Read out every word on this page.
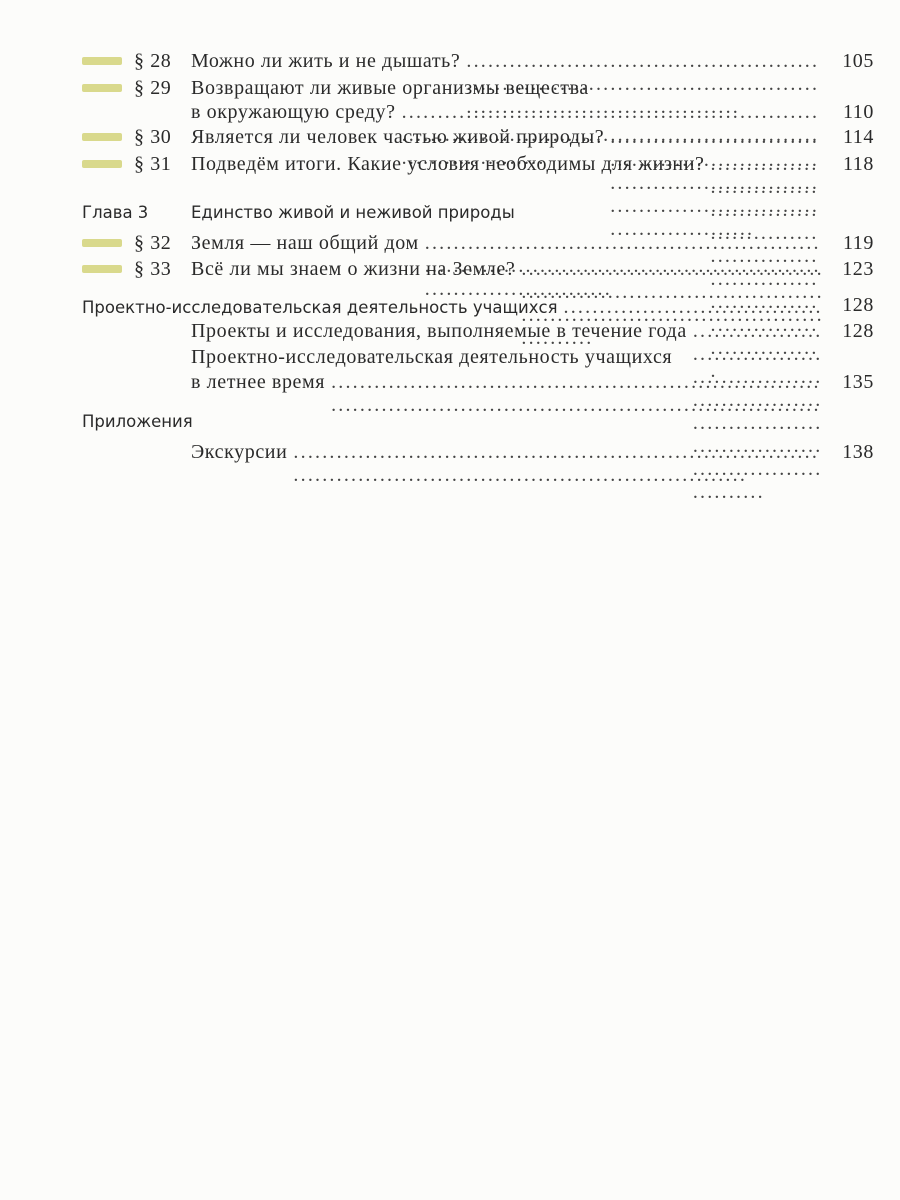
§ 28 Можно ли жить и не дышать? . . .	105
§ 29 Возвращают ли живые организмы вещества
в окружающую среду? . . .	110
§ 30 Является ли человек частью живой природы? . . .	114
§ 31 Подведём итоги. Какие условия необходимы для жизни? . . .	118
Глава 3	Единство живой и неживой природы
§ 32 Земля — наш общий дом . . .	119
§ 33 Всё ли мы знаем о жизни на Земле? . . .	123
Проектно-исследовательская деятельность учащихся . . .	128
Проекты и исследования, выполняемые в течение года . . .	128
Проектно-исследовательская деятельность учащихся
в летнее время . . .	135
Приложения
Экскурсии . . .	138
